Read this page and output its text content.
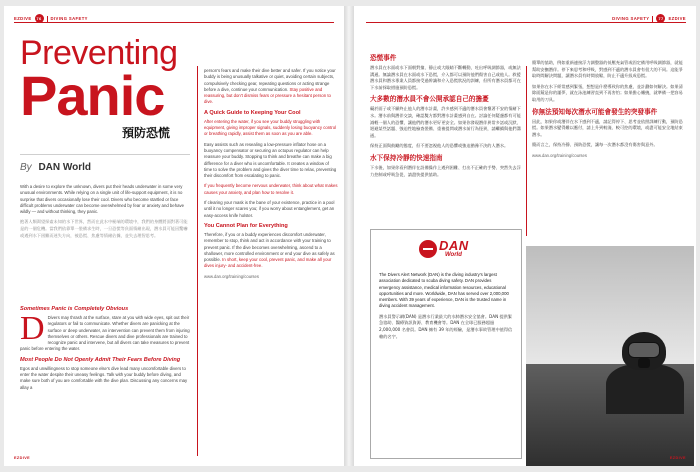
EZDIVE	76	DIVING SAFETY
Preventing
Panic
預防恐慌
By DAN World

With a desire to explore the unknown, divers put their heads underwater in some very unusual environments. While relying on a single unit of life-support equipment, it is no surprise that divers occasionally lose their cool. Divers who become startled or face difficult problems underwater can become overwhelmed by fear or anxiety and behave wildly — and without thinking, they panic.

抱著人類渴望探索未知的水下世界，然而在此水中極端的環境中，我們的身體將面對著可能是的一個危機。當我們依靠單一裝備求生時，一旦恐慌等負面情緒出現，潛水員可能因驚嚇或遇到水下困難而迷失方向，被恐慌、焦慮等情緒佔據，並失去理智思考。

Sometimes Panic is Completely Obvious

D Divers may thrash at the surface, stare at you with wide eyes, spit out their regulators or fail to communicate. Whether divers are panicking at the surface or deep underwater, an intervention can prevent them from injuring themselves or others. Rescue divers and dive professionals are trained to recognize panic and intervene, but all divers can take measures to prevent panic before entering the water.

Most People Do Not Openly Admit Their Fears Before Diving

Egos and unwillingness to stop someone else's dive lead many uncomfortable divers to enter the water despite their uneasy feelings. Talk with your buddy before diving, and make sure both of you are comfortable with the dive plan. Discussing any concerns may allay a

person's fears and make their dive better and safer. If you notice your buddy is being unusually talkative or quiet, avoiding certain subjects, compulsively checking gear, repeating questions or acting strange before a dive, continue your communication. Stay positive and reassuring, but don't dismiss fears or pressure a hesitant person to dive.

A Quick Guide to Keeping Your Cool

After entering the water, if you see your buddy struggling with equipment, giving improper signals, suddenly losing buoyancy control or breathing rapidly, assist them as soon as you are able.

Easy assists such as resealing a low-pressure inflator hose on a buoyancy compensator or securing an octopus regulator can help reassure your buddy. Stopping to think and breathe can make a big difference for a diver who is uncomfortable. It creates a window of time to solve the problem and gives the diver time to relax, preventing their discomfort from escalating to panic.

If you frequently become nervous underwater, think about what makes causes your anxiety, and plan how to resolve it.

If clearing your mask is the bane of your existence, practice in a pool until it no longer scares you; if you worry about entanglement, get an easy-access knife holster.

You Cannot Plan for Everything

Therefore, if you or a buddy experiences discomfort underwater, remember to stop, think and act in accordance with your training to prevent panic. If the dive becomes overwhelming, ascend to a shallower, more controlled environment or end your dive as safely as possible. In short, keep your cool, prevent panic, and make all your dives injury- and accident-free.

www.dan.org/training/courses

EZDIVE
DIVING SAFETY	77	EZDIVE
恐慌事件

潛水員在水面或水下面朝對撞、靜止或大眼睛不斷轉動，吐出呼吸調節器，或無法溝通。無論潛水員在水面或水下恐慌，介入都可以預防他們傷害自己或他人。救援潛水員和潛水專業人員都接受過辨識和介入恐慌狀況的訓練，但所有潛水員都可在下水前採取措施預防恐慌。

大多數的潛水員不會公開承認自己的擔憂

礙於面子或不願終止他人的潛水計畫，許多感到不適的潛水員會懷著不安的情緒下水。潛水前與潛伴交談，確認雙方都對潛水計畫感到自在。討論任何疑慮都有可能減輕一個人的恐懼，讓他們的潛水更好更安全。如果你發現潛伴異常多話或沉默、迴避某些話題、強迫性地檢查裝備、重複提問或潛水前行為怪異，請繼續與他們溝通。

保持正面與鼓勵的態度，但不要忽視他人的恐懼或強迫猶豫不決的人潛水。

水下保持冷靜的快速指南

下水後，如果你看到潛伴在設備操作上遇到困難、打出不正確的手勢、突然失去浮力控制或呼吸急促，請盡快提供協助。

簡單的協助，例如重新連接浮力調整器的低壓充氣管或固定備用呼吸調節器，就能幫助安撫潛伴。停下來思考和呼吸，對感到不適的潛水員會有很大的不同。這能爭取時間解決問題，讓潛水員有時間放鬆，防止不適升級成恐慌。

如果你在水下經常感到緊張，想想是什麼導致你的焦慮，並計劃如何解決。如果清除面鏡是你的噩夢，就在泳池練習直到不再害怕；如果擔心纏繞，就準備一把容易取用的刀具。

你無法預知每次潛水可能會發生的突發事件

因此，如果你或潛伴在水下感到不適，請記得停下、思考並依照訓練行動，預防恐慌。如果潛水變得難以應付，請上升到較淺、較可控的環境，或盡可能安全地結束潛水。

簡而言之，保持冷靜、預防恐慌，讓每一次潛水都沒有傷害與意外。

www.dan.org/training/courses

DAN
World

The Divers Alert Network (DAN) is the diving industry's largest association dedicated to scuba diving safety. DAN provides emergency assistance, medical information resources, educational opportunities and more. Worldwide, DAN has served over 2,000,000 members. With 39 years of experience, DAN is the trusted name in diving accident management.

潛水員警示網(DAN) 是潛水行業最大的水肺潛水安全協會。DAN 提供緊急協助、醫療資訊資源、教育機會等。DAN 在全球已服務超過 2,000,000 名會員。DAN 擁有 39 年的經驗，是潛水事故管理中值得信賴的名字。

EZDIVE
